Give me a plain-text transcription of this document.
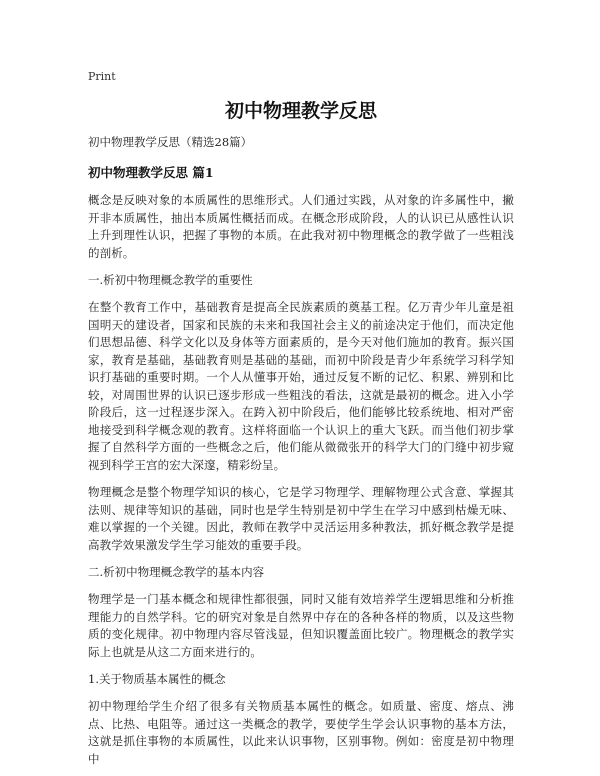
Print
初中物理教学反思

初中物理教学反思（精选28篇）

初中物理教学反思 篇1

概念是反映对象的本质属性的思维形式。人们通过实践，从对象的许多属性中，撇开非本质属性，抽出本质属性概括而成。在概念形成阶段，人的认识已从感性认识上升到理性认识，把握了事物的本质。在此我对初中物理概念的教学做了一些粗浅的剖析。

一.析初中物理概念教学的重要性

在整个教育工作中，基础教育是提高全民族素质的奠基工程。亿万青少年儿童是祖国明天的建设者，国家和民族的未来和我国社会主义的前途决定于他们，而决定他们思想品德、科学文化以及身体等方面素质的，是今天对他们施加的教育。振兴国家，教育是基础，基础教育则是基础的基础，而初中阶段是青少年系统学习科学知识打基础的重要时期。一个人从懂事开始，通过反复不断的记忆、积累、辨别和比较，对周围世界的认识已逐步形成一些粗浅的看法，这就是最初的概念。进入小学阶段后，这一过程逐步深入。在跨入初中阶段后，他们能够比较系统地、相对严密地接受到科学概念观的教育。这样将面临一个认识上的重大飞跃。而当他们初步掌握了自然科学方面的一些概念之后，他们能从微微张开的科学大门的门缝中初步窥视到科学王宫的宏大深邃，精彩纷呈。

物理概念是整个物理学知识的核心，它是学习物理学、理解物理公式含意、掌握其法则、规律等知识的基础，同时也是学生特别是初中学生在学习中感到枯燥无味、难以掌握的一个关键。因此，教师在教学中灵活运用多种教法，抓好概念教学是提高教学效果激发学生学习能效的重要手段。

二.析初中物理概念教学的基本内容

物理学是一门基本概念和规律性都很强，同时又能有效培养学生逻辑思维和分析推理能力的自然学科。它的研究对象是自然界中存在的各种各样的物质，以及这些物质的变化规律。初中物理内容尽管浅显，但知识覆盖面比较广。物理概念的教学实际上也就是从这二方面来进行的。

1.关于物质基本属性的概念

初中物理给学生介绍了很多有关物质基本属性的概念。如质量、密度、熔点、沸点、比热、电阻等。通过这一类概念的教学，要使学生学会认识事物的基本方法，这就是抓住事物的本质属性，以此来认识事物，区别事物。例如：密度是初中物理中
